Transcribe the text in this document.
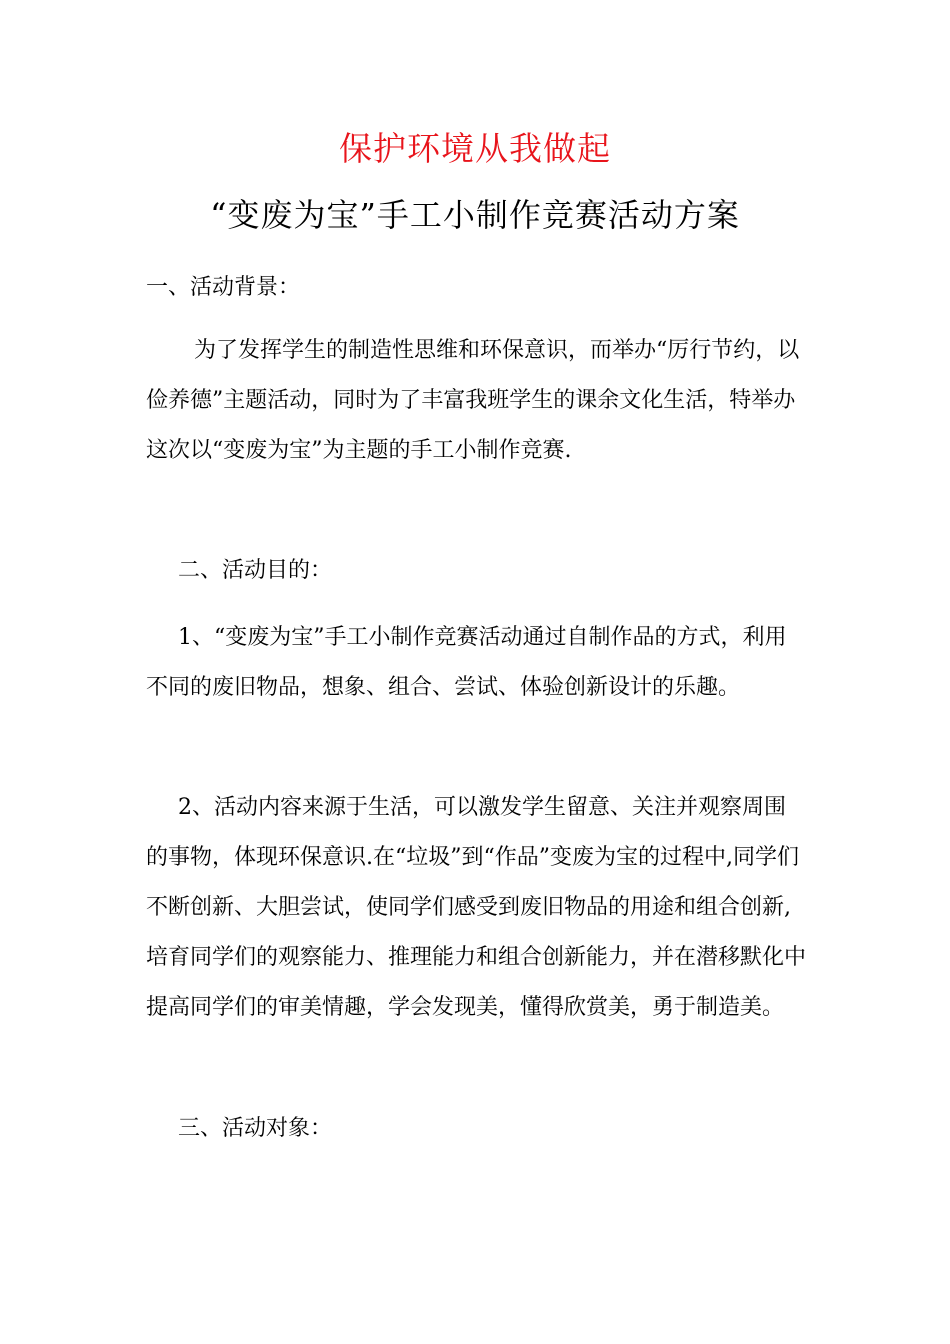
保护环境从我做起
“变废为宝”手工小制作竞赛活动方案

一、活动背景：

为了发挥学生的制造性思维和环保意识，而举办“厉行节约，以俭养德”主题活动，同时为了丰富我班学生的课余文化生活，特举办这次以“变废为宝”为主题的手工小制作竞赛.

二、活动目的：

1、“变废为宝”手工小制作竞赛活动通过自制作品的方式，利用不同的废旧物品，想象、组合、尝试、体验创新设计的乐趣。

2、活动内容来源于生活，可以激发学生留意、关注并观察周围的事物，体现环保意识.在“垃圾”到“作品”变废为宝的过程中,同学们不断创新、大胆尝试，使同学们感受到废旧物品的用途和组合创新,培育同学们的观察能力、推理能力和组合创新能力，并在潜移默化中提高同学们的审美情趣，学会发现美，懂得欣赏美，勇于制造美。

三、活动对象：
